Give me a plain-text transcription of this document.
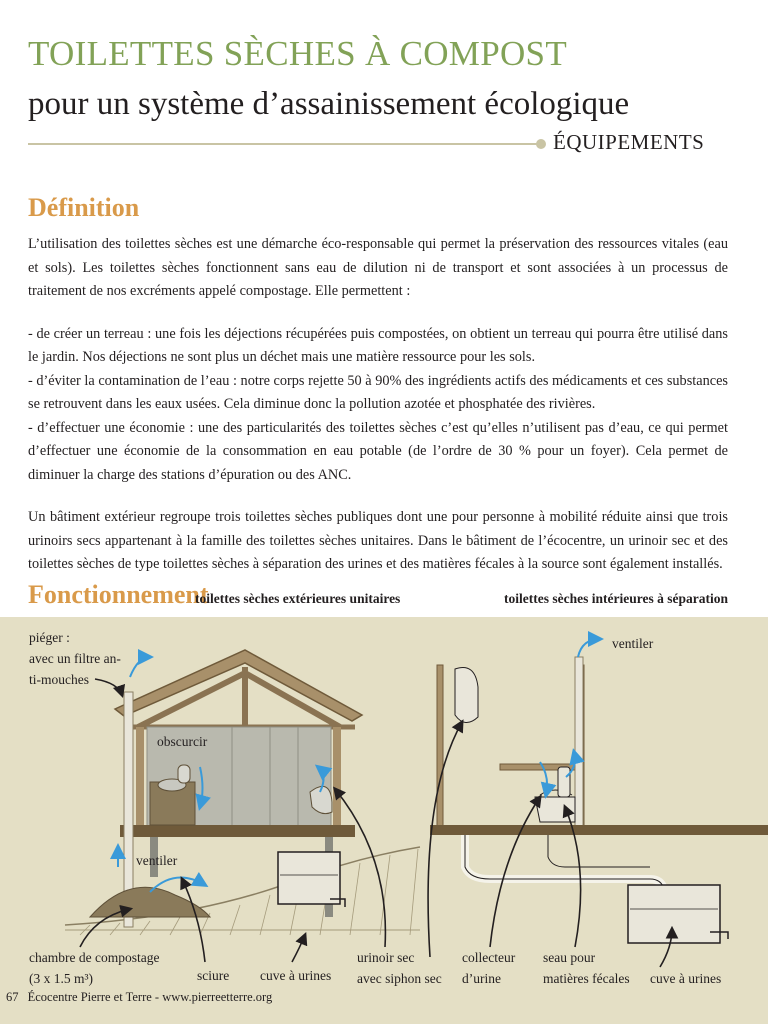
TOILETTES SÈCHES À COMPOST
pour un système d’assainissement écologique
ÉQUIPEMENTS
Définition

L’utilisation des toilettes sèches est une démarche éco-responsable qui permet la préservation des ressources vitales (eau et sols). Les toilettes sèches fonctionnent sans eau de dilution ni de transport et sont associées à un processus de traitement de nos excréments appelé compostage. Elle permettent :

- de créer un terreau : une fois les déjections récupérées puis compostées, on obtient un terreau qui pourra être utilisé dans le jardin. Nos déjections ne sont plus un déchet mais une matière ressource pour les sols.

- d’éviter la contamination de l’eau : notre corps rejette 50 à 90% des ingrédients actifs des médicaments et ces substances se retrouvent dans les eaux usées. Cela diminue donc la pollution azotée et phosphatée des rivières.

- d’effectuer une économie : une des particularités des toilettes sèches c’est qu’elles n’utilisent pas d’eau, ce qui permet d’effectuer une économie de la consommation en eau potable (de l’ordre de 30 % pour un foyer). Cela permet de diminuer la charge des stations d’épuration ou des ANC.

Un bâtiment extérieur regroupe trois toilettes sèches publiques dont une pour personne à mobilité réduite ainsi que trois urinoirs secs appartenant à la famille des toilettes sèches unitaires. Dans le bâtiment de l’écocentre, un urinoir sec et des toilettes sèches de type toilettes sèches à séparation des urines et des matières fécales à la source sont également installés.

Fonctionnement
toilettes sèches extérieures unitaires	toilettes sèches intérieures à séparation
piéger :
avec un filtre an-
ti-mouches
obscurcir
ventiler
ventiler
chambre de compostage
(3 x 1.5 m³)	sciure cuve à urines
urinoir sec
avec siphon sec
collecteur
d’urine
seau pour
matières fécales cuve à urines
67 Écocentre Pierre et Terre - www.pierreetterre.org
